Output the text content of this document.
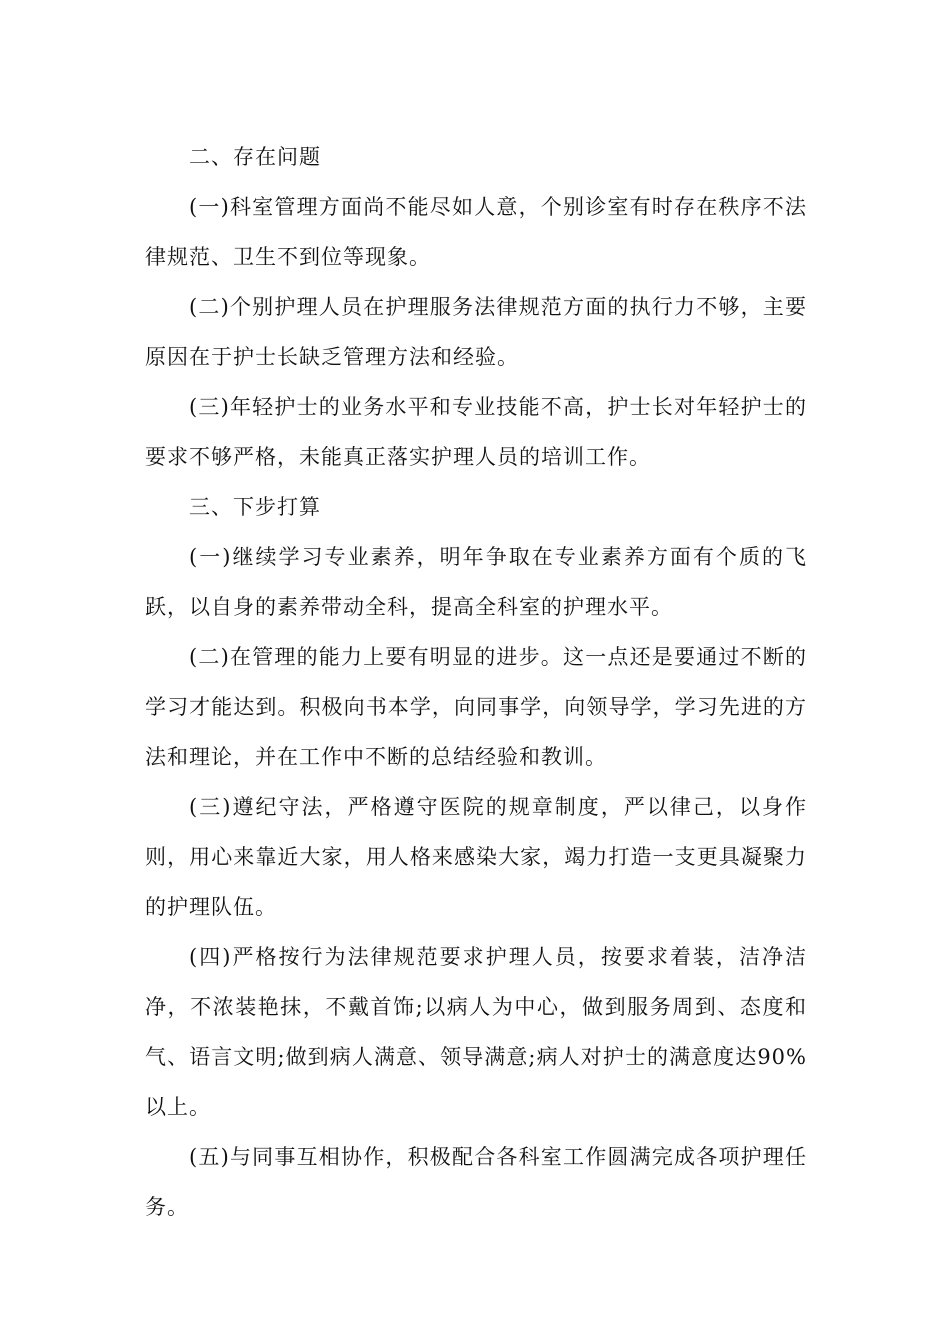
二、存在问题

(一)科室管理方面尚不能尽如人意，个别诊室有时存在秩序不法律规范、卫生不到位等现象。

(二)个别护理人员在护理服务法律规范方面的执行力不够，主要原因在于护士长缺乏管理方法和经验。

(三)年轻护士的业务水平和专业技能不高，护士长对年轻护士的要求不够严格，未能真正落实护理人员的培训工作。

三、下步打算

(一)继续学习专业素养，明年争取在专业素养方面有个质的飞跃，以自身的素养带动全科，提高全科室的护理水平。

(二)在管理的能力上要有明显的进步。这一点还是要通过不断的学习才能达到。积极向书本学，向同事学，向领导学，学习先进的方法和理论，并在工作中不断的总结经验和教训。

(三)遵纪守法，严格遵守医院的规章制度，严以律己，以身作则，用心来靠近大家，用人格来感染大家，竭力打造一支更具凝聚力的护理队伍。

(四)严格按行为法律规范要求护理人员，按要求着装，洁净洁净，不浓装艳抹，不戴首饰;以病人为中心，做到服务周到、态度和气、语言文明;做到病人满意、领导满意;病人对护士的满意度达90%以上。

(五)与同事互相协作，积极配合各科室工作圆满完成各项护理任务。
